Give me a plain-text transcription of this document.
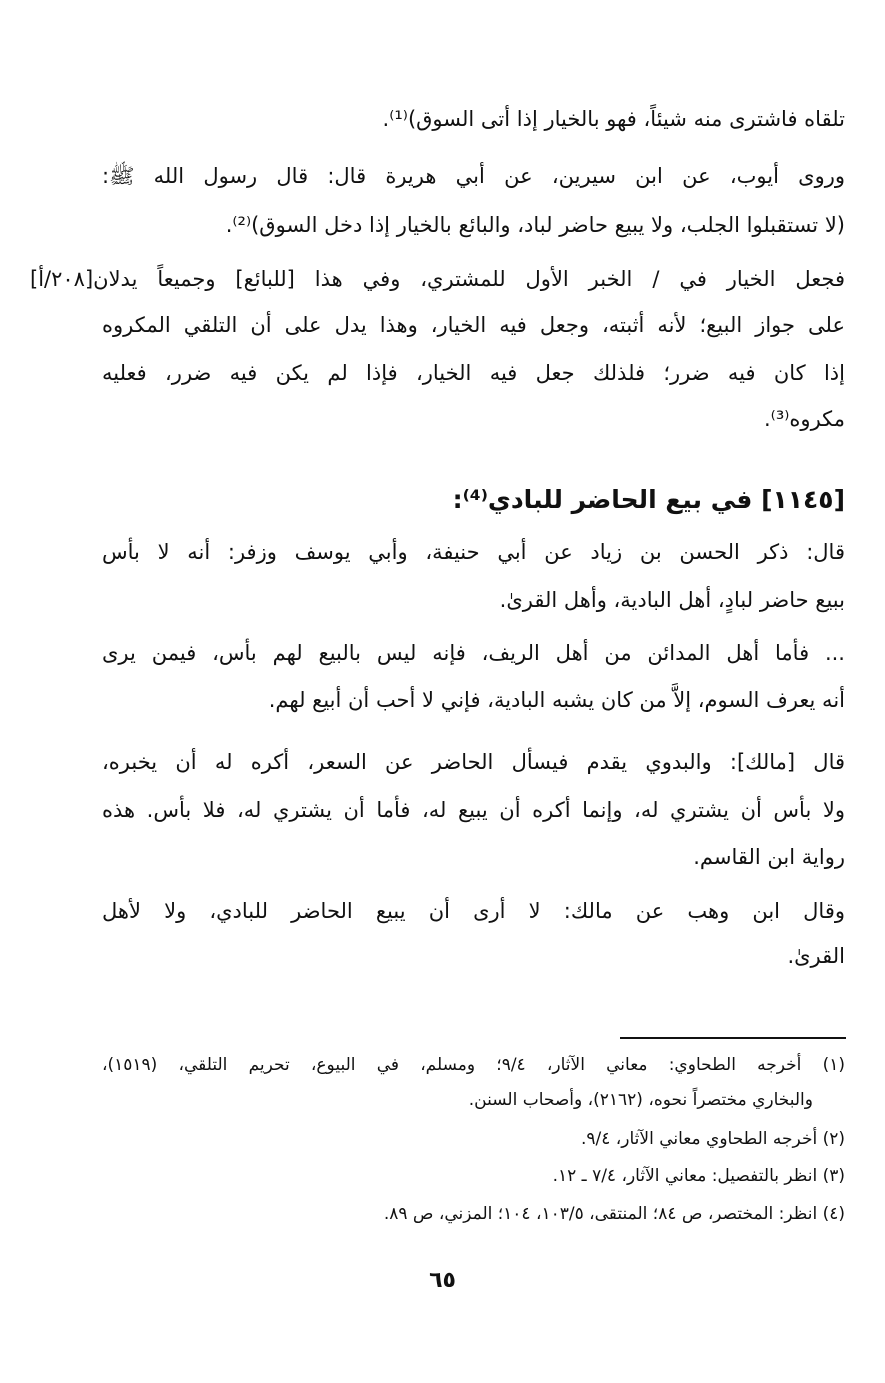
تلقاه فاشترى منه شيئاً، فهو بالخيار إذا أتى السوق)⁽¹⁾.
وروى أيوب، عن ابن سيرين، عن أبي هريرة قال: قال رسول الله ﷺ:
(لا تستقبلوا الجلب، ولا يبيع حاضر لباد، والبائع بالخيار إذا دخل السوق)⁽²⁾.
فجعل الخيار في / الخبر الأول للمشتري، وفي هذا [للبائع] وجميعاً يدلان[٢٠٨/أ]
على جواز البيع؛ لأنه أثبته، وجعل فيه الخيار، وهذا يدل على أن التلقي المكروه
إذا كان فيه ضرر؛ فلذلك جعل فيه الخيار، فإذا لم يكن فيه ضرر، فعليه
مكروه⁽³⁾.
[١١٤٥] في بيع الحاضر للبادي⁽⁴⁾:
قال: ذكر الحسن بن زياد عن أبي حنيفة، وأبي يوسف وزفر: أنه لا بأس
ببيع حاضر لبادٍ، أهل البادية، وأهل القرىٰ.
... فأما أهل المدائن من أهل الريف، فإنه ليس بالبيع لهم بأس، فيمن يرى
أنه يعرف السوم، إلاَّ من كان يشبه البادية، فإني لا أحب أن أبيع لهم.
قال [مالك]: والبدوي يقدم فيسأل الحاضر عن السعر، أكره له أن يخبره،
ولا بأس أن يشتري له، وإنما أكره أن يبيع له، فأما أن يشتري له، فلا بأس. هذه
رواية ابن القاسم.
وقال ابن وهب عن مالك: لا أرى أن يبيع الحاضر للبادي، ولا لأهل
القرىٰ.
(١) أخرجه الطحاوي: معاني الآثار، ٩/٤؛ ومسلم، في البيوع، تحريم التلقي، (١٥١٩)،
والبخاري مختصراً نحوه، (٢١٦٢)، وأصحاب السنن.
(٢) أخرجه الطحاوي معاني الآثار، ٩/٤.
(٣) انظر بالتفصيل: معاني الآثار، ٧/٤ ـ ١٢.
(٤) انظر: المختصر، ص ٨٤؛ المنتقى، ١٠٣/٥، ١٠٤؛ المزني، ص ٨٩.
٦٥
